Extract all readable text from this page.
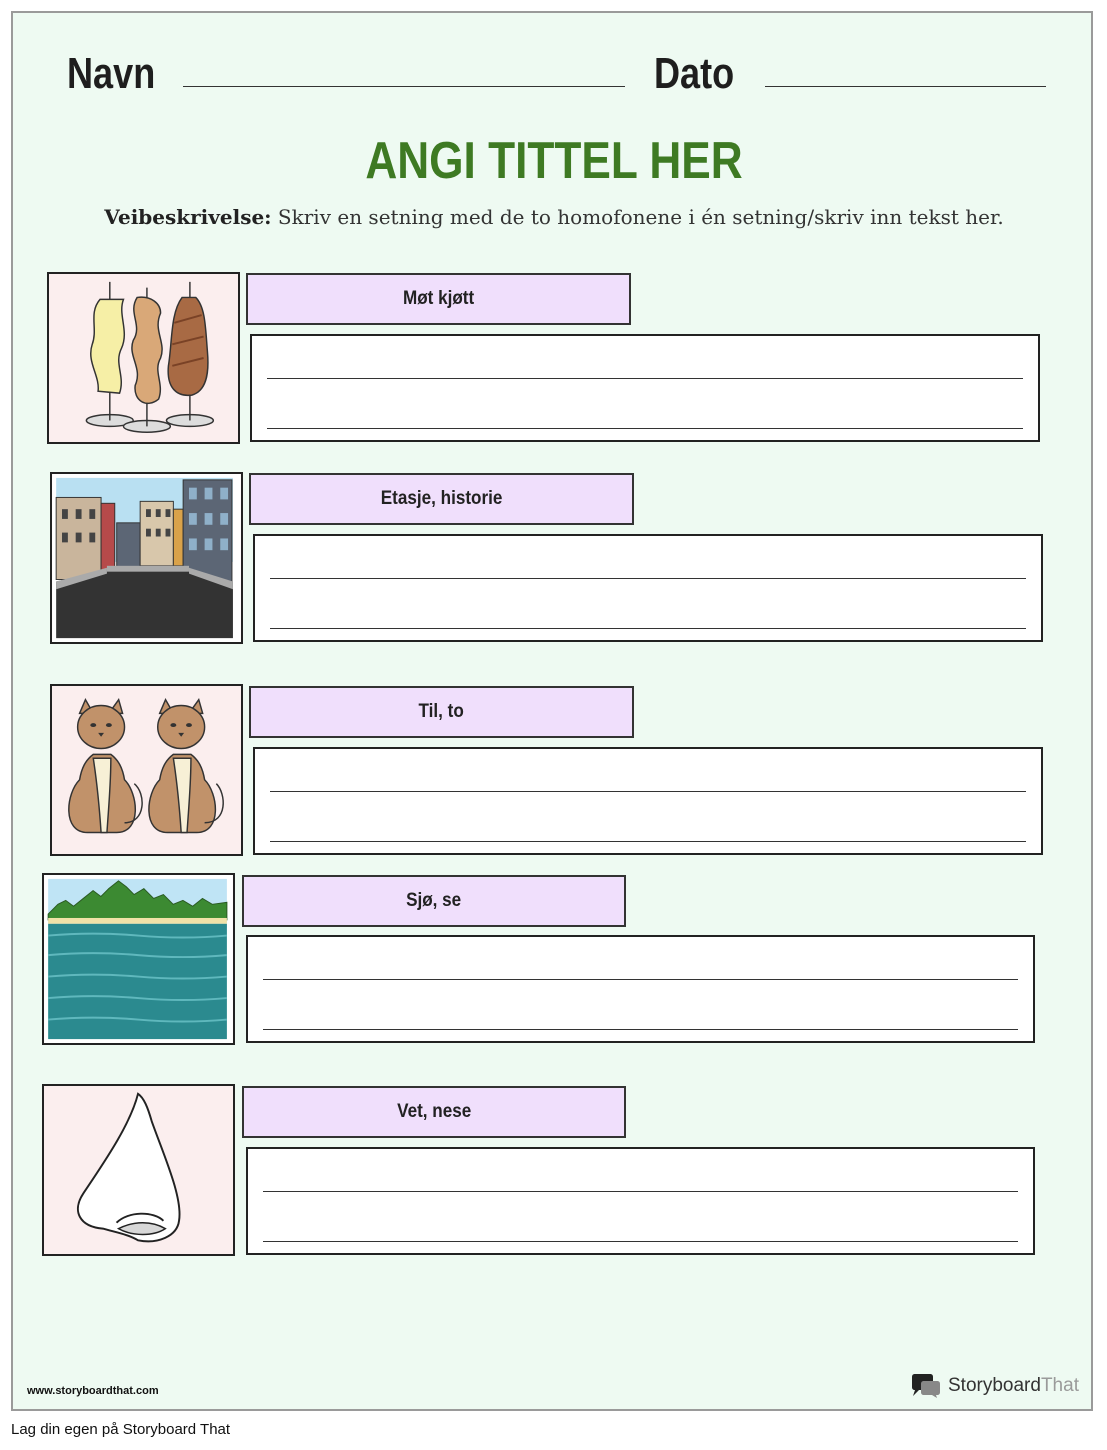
Navn	Dato
ANGI TITTEL HER
Veibeskrivelse: Skriv en setning med de to homofonene i én setning/skriv inn tekst her.
Møt kjøtt
Etasje, historie
Til, to
Sjø, se
Vet, nese
www.storyboardthat.com	StoryboardThat
Lag din egen på Storyboard That
